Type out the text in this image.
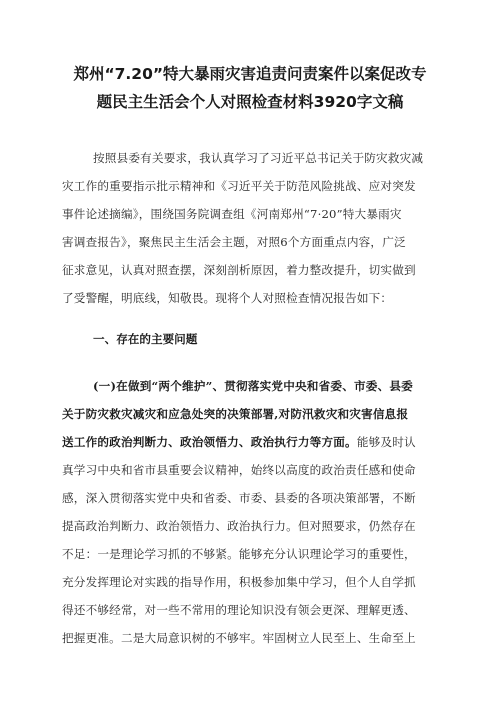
郑州“7.20”特大暴雨灾害追责问责案件以案促改专
题民主生活会个人对照检查材料3920字文稿
按照县委有关要求，我认真学习了习近平总书记关于防灾救灾减
灾工作的重要指示批示精神和《习近平关于防范风险挑战、应对突发
事件论述摘编》，围绕国务院调查组《河南郑州“7·20”特大暴雨灾
害调查报告》，聚焦民主生活会主题，对照6个方面重点内容，广泛
征求意见，认真对照查摆，深刻剖析原因，着力整改提升，切实做到
了受警醒，明底线，知敬畏。现将个人对照检查情况报告如下：
一、存在的主要问题
(一)在做到“两个维护”、贯彻落实党中央和省委、市委、县委
关于防灾救灾减灾和应急处突的决策部署,对防汛救灾和灾害信息报
送工作的政治判断力、政治领悟力、政治执行力等方面。能够及时认
真学习中央和省市县重要会议精神，始终以高度的政治责任感和使命
感，深入贯彻落实党中央和省委、市委、县委的各项决策部署，不断
提高政治判断力、政治领悟力、政治执行力。但对照要求，仍然存在
不足：一是理论学习抓的不够紧。能够充分认识理论学习的重要性，
充分发挥理论对实践的指导作用，积极参加集中学习，但个人自学抓
得还不够经常，对一些不常用的理论知识没有领会更深、理解更透、
把握更准。二是大局意识树的不够牢。牢固树立人民至上、生命至上
